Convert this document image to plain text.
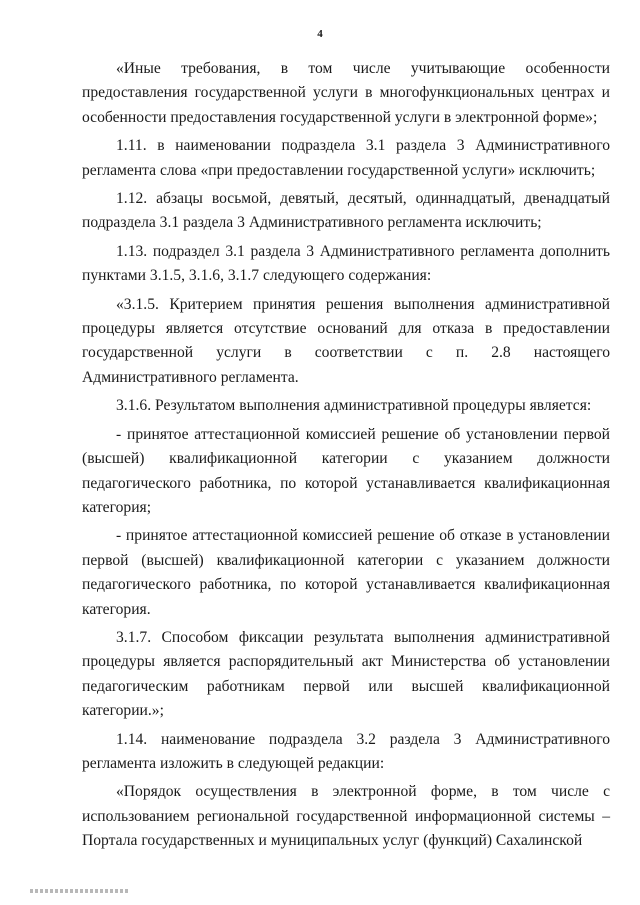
4

«Иные требования, в том числе учитывающие особенности предоставления государственной услуги в многофункциональных центрах и особенности предоставления государственной услуги в электронной форме»;

1.11. в наименовании подраздела 3.1 раздела 3 Административного регламента слова «при предоставлении государственной услуги» исключить;

1.12. абзацы восьмой, девятый, десятый, одиннадцатый, двенадцатый подраздела 3.1 раздела 3 Административного регламента исключить;

1.13. подраздел 3.1 раздела 3 Административного регламента дополнить пунктами 3.1.5, 3.1.6, 3.1.7 следующего содержания:

«3.1.5. Критерием принятия решения выполнения административной процедуры является отсутствие оснований для отказа в предоставлении государственной услуги в соответствии с п. 2.8 настоящего Административного регламента.

3.1.6. Результатом выполнения административной процедуры является:

- принятое аттестационной комиссией решение об установлении первой (высшей) квалификационной категории с указанием должности педагогического работника, по которой устанавливается квалификационная категория;

- принятое аттестационной комиссией решение об отказе в установлении первой (высшей) квалификационной категории с указанием должности педагогического работника, по которой устанавливается квалификационная категория.

3.1.7. Способом фиксации результата выполнения административной процедуры является распорядительный акт Министерства об установлении педагогическим работникам первой или высшей квалификационной категории.»;

1.14. наименование подраздела 3.2 раздела 3 Административного регламента изложить в следующей редакции:

«Порядок осуществления в электронной форме, в том числе с использованием региональной государственной информационной системы – Портала государственных и муниципальных услуг (функций) Сахалинской
